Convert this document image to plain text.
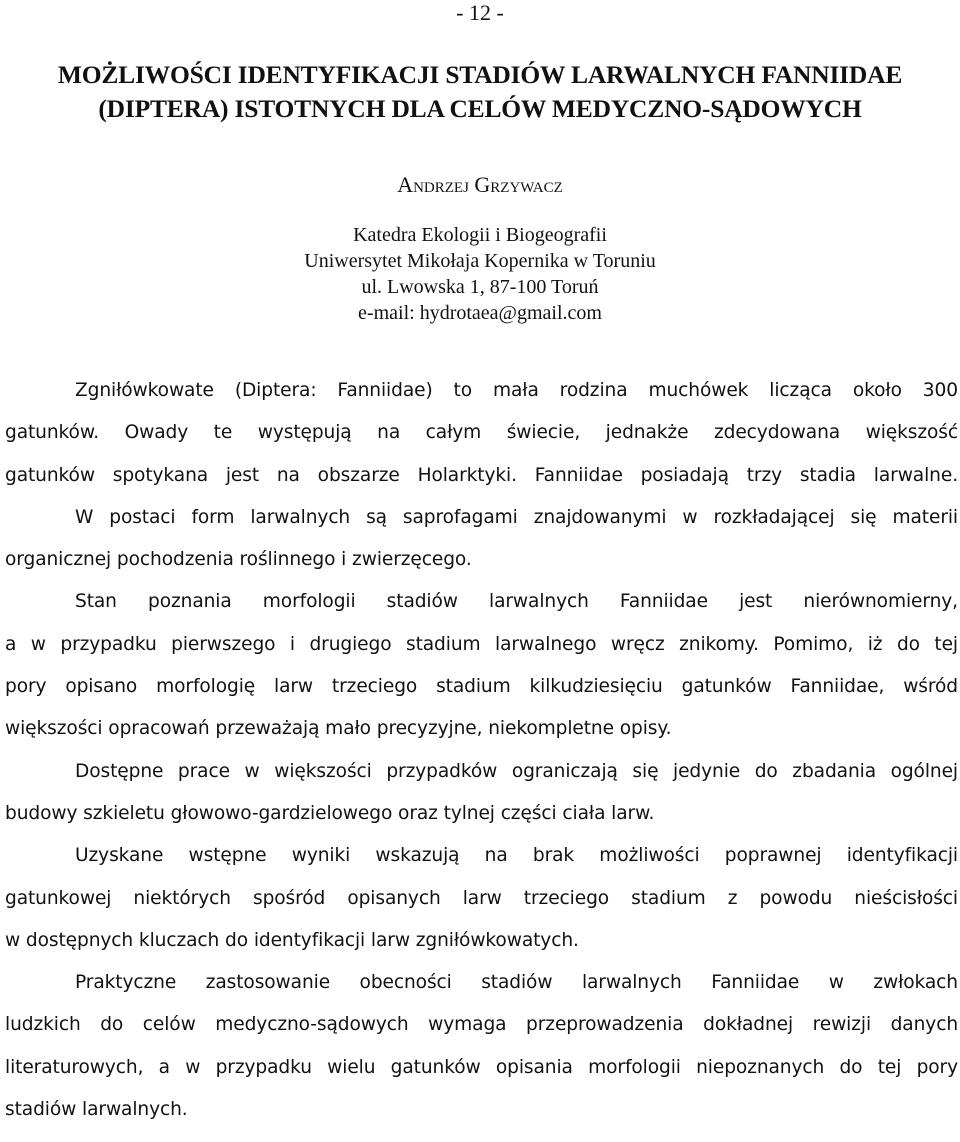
- 12 -
MOŻLIWOŚCI IDENTYFIKACJI STADIÓW LARWALNYCH FANNIIDAE
(DIPTERA) ISTOTNYCH DLA CELÓW MEDYCZNO-SĄDOWYCH
Andrzej Grzywacz
Katedra Ekologii i Biogeografii
Uniwersytet Mikołaja Kopernika w Toruniu
ul. Lwowska 1, 87-100 Toruń
e-mail: hydrotaea@gmail.com
Zgniłówkowate (Diptera: Fanniidae) to mała rodzina muchówek licząca około 300
gatunków. Owady te występują na całym świecie, jednakże zdecydowana większość
gatunków spotykana jest na obszarze Holarktyki. Fanniidae posiadają trzy stadia larwalne.
W postaci form larwalnych są saprofagami znajdowanymi w rozkładającej się materii
organicznej pochodzenia roślinnego i zwierzęcego.
Stan poznania morfologii stadiów larwalnych Fanniidae jest nierównomierny,
a w przypadku pierwszego i drugiego stadium larwalnego wręcz znikomy. Pomimo, iż do tej
pory opisano morfologię larw trzeciego stadium kilkudziesięciu gatunków Fanniidae, wśród
większości opracowań przeważają mało precyzyjne, niekompletne opisy.
Dostępne prace w większości przypadków ograniczają się jedynie do zbadania ogólnej
budowy szkieletu głowowo-gardzielowego oraz tylnej części ciała larw.
Uzyskane wstępne wyniki wskazują na brak możliwości poprawnej identyfikacji
gatunkowej niektórych spośród opisanych larw trzeciego stadium z powodu nieścisłości
w dostępnych kluczach do identyfikacji larw zgniłówkowatych.
Praktyczne zastosowanie obecności stadiów larwalnych Fanniidae w zwłokach
ludzkich do celów medyczno-sądowych wymaga przeprowadzenia dokładnej rewizji danych
literaturowych, a w przypadku wielu gatunków opisania morfologii niepoznanych do tej pory
stadiów larwalnych.
